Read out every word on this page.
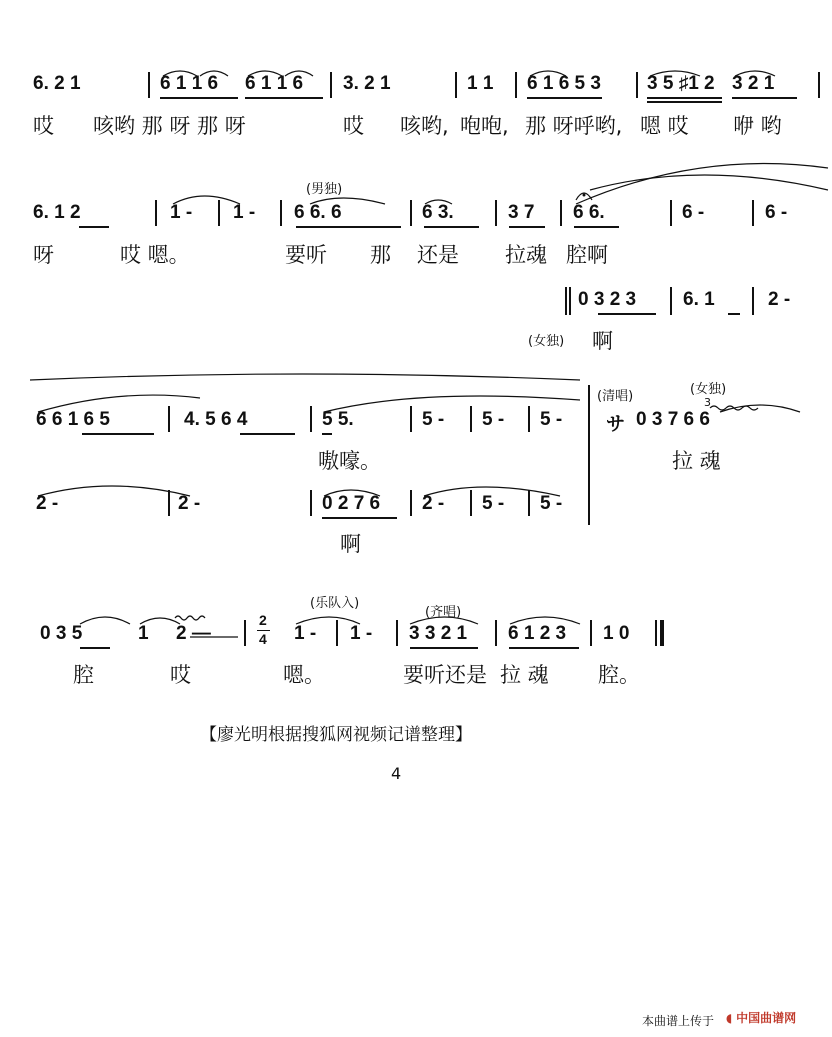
6. 2 1	6 1 1 6 6 1 1 6 3. 2 1	1 1 6 1 6 5 3 3 5 ♯1 2 3 2 1
哎 咳哟 那 呀 那 呀	哎 咳哟, 咆咆, 那 呀呼哟, 嗯 哎 咿 哟
(男独)
6. 1 2	1 - 1 - 6 6. 6	6 3.	3 7 6 6.	6 -	6 -
呀	哎 嗯。	要听 那 还是 拉魂 腔啊
0 3 2 3 6. 1	2 -
(女独) 啊
6 6 1 6 5	4. 5 6 4	5 5.	5 - 5 - 5 -
嗷嚎。
2 -	2 -	0 2 7 6 2 - 5 - 5 -
啊
(清唱)	(女独)
サ 0 3 7 6 6
3
拉 魂
(乐队入)
(齐唱)
0 3 5	1 2 —
2
4 1 - 1 - 3 3 2 1 6 1 2 3 1 0
腔	哎	嗯。	要听还是 拉 魂 腔。
【廖光明根据搜狐网视频记谱整理】
4
本曲谱上传于 ◖ 中国曲谱网
